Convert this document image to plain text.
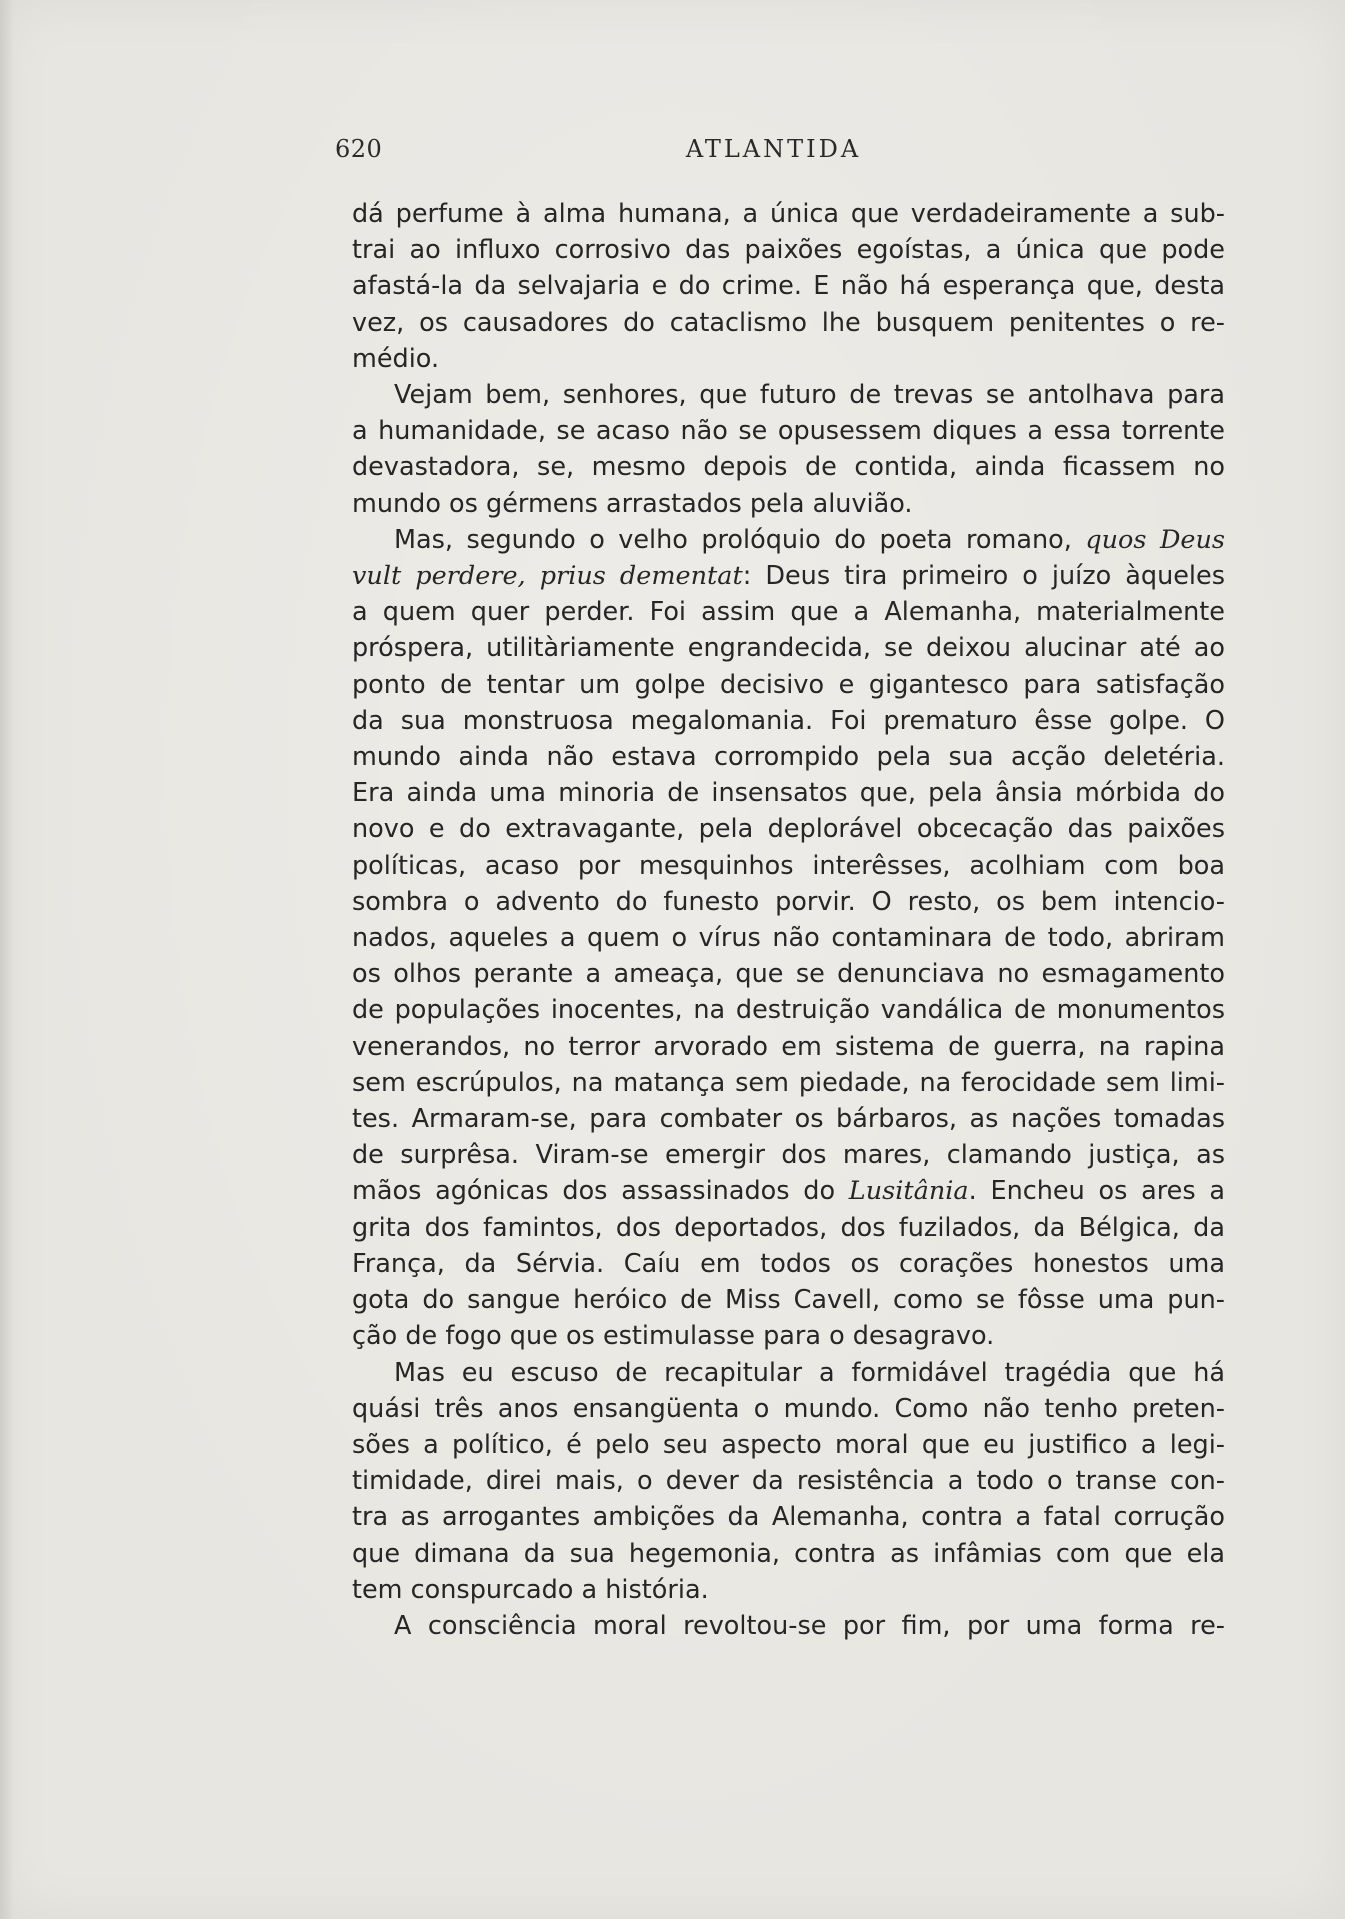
620	ATLANTIDA
dá perfume à alma humana, a única que verdadeiramente a sub-
trai ao influxo corrosivo das paixões egoístas, a única que pode
afastá-la da selvajaria e do crime. E não há esperança que, desta
vez, os causadores do cataclismo lhe busquem penitentes o re-
médio.
Vejam bem, senhores, que futuro de trevas se antolhava para
a humanidade, se acaso não se opusessem diques a essa torrente
devastadora, se, mesmo depois de contida, ainda ficassem no
mundo os gérmens arrastados pela aluvião.
Mas, segundo o velho prolóquio do poeta romano, quos Deus
vult perdere, prius dementat: Deus tira primeiro o juízo àqueles
a quem quer perder. Foi assim que a Alemanha, materialmente
próspera, utilitàriamente engrandecida, se deixou alucinar até ao
ponto de tentar um golpe decisivo e gigantesco para satisfação
da sua monstruosa megalomania. Foi prematuro êsse golpe. O
mundo ainda não estava corrompido pela sua acção deletéria.
Era ainda uma minoria de insensatos que, pela ânsia mórbida do
novo e do extravagante, pela deplorável obcecação das paixões
políticas, acaso por mesquinhos interêsses, acolhiam com boa
sombra o advento do funesto porvir. O resto, os bem intencio-
nados, aqueles a quem o vírus não contaminara de todo, abriram
os olhos perante a ameaça, que se denunciava no esmagamento
de populações inocentes, na destruição vandálica de monumentos
venerandos, no terror arvorado em sistema de guerra, na rapina
sem escrúpulos, na matança sem piedade, na ferocidade sem limi-
tes. Armaram-se, para combater os bárbaros, as nações tomadas
de surprêsa. Viram-se emergir dos mares, clamando justiça, as
mãos agónicas dos assassinados do Lusitânia. Encheu os ares a
grita dos famintos, dos deportados, dos fuzilados, da Bélgica, da
França, da Sérvia. Caíu em todos os corações honestos uma
gota do sangue heróico de Miss Cavell, como se fôsse uma pun-
ção de fogo que os estimulasse para o desagravo.
Mas eu escuso de recapitular a formidável tragédia que há
quási três anos ensangüenta o mundo. Como não tenho preten-
sões a político, é pelo seu aspecto moral que eu justifico a legi-
timidade, direi mais, o dever da resistência a todo o transe con-
tra as arrogantes ambições da Alemanha, contra a fatal corrução
que dimana da sua hegemonia, contra as infâmias com que ela
tem conspurcado a história.
A consciência moral revoltou-se por fim, por uma forma re-
